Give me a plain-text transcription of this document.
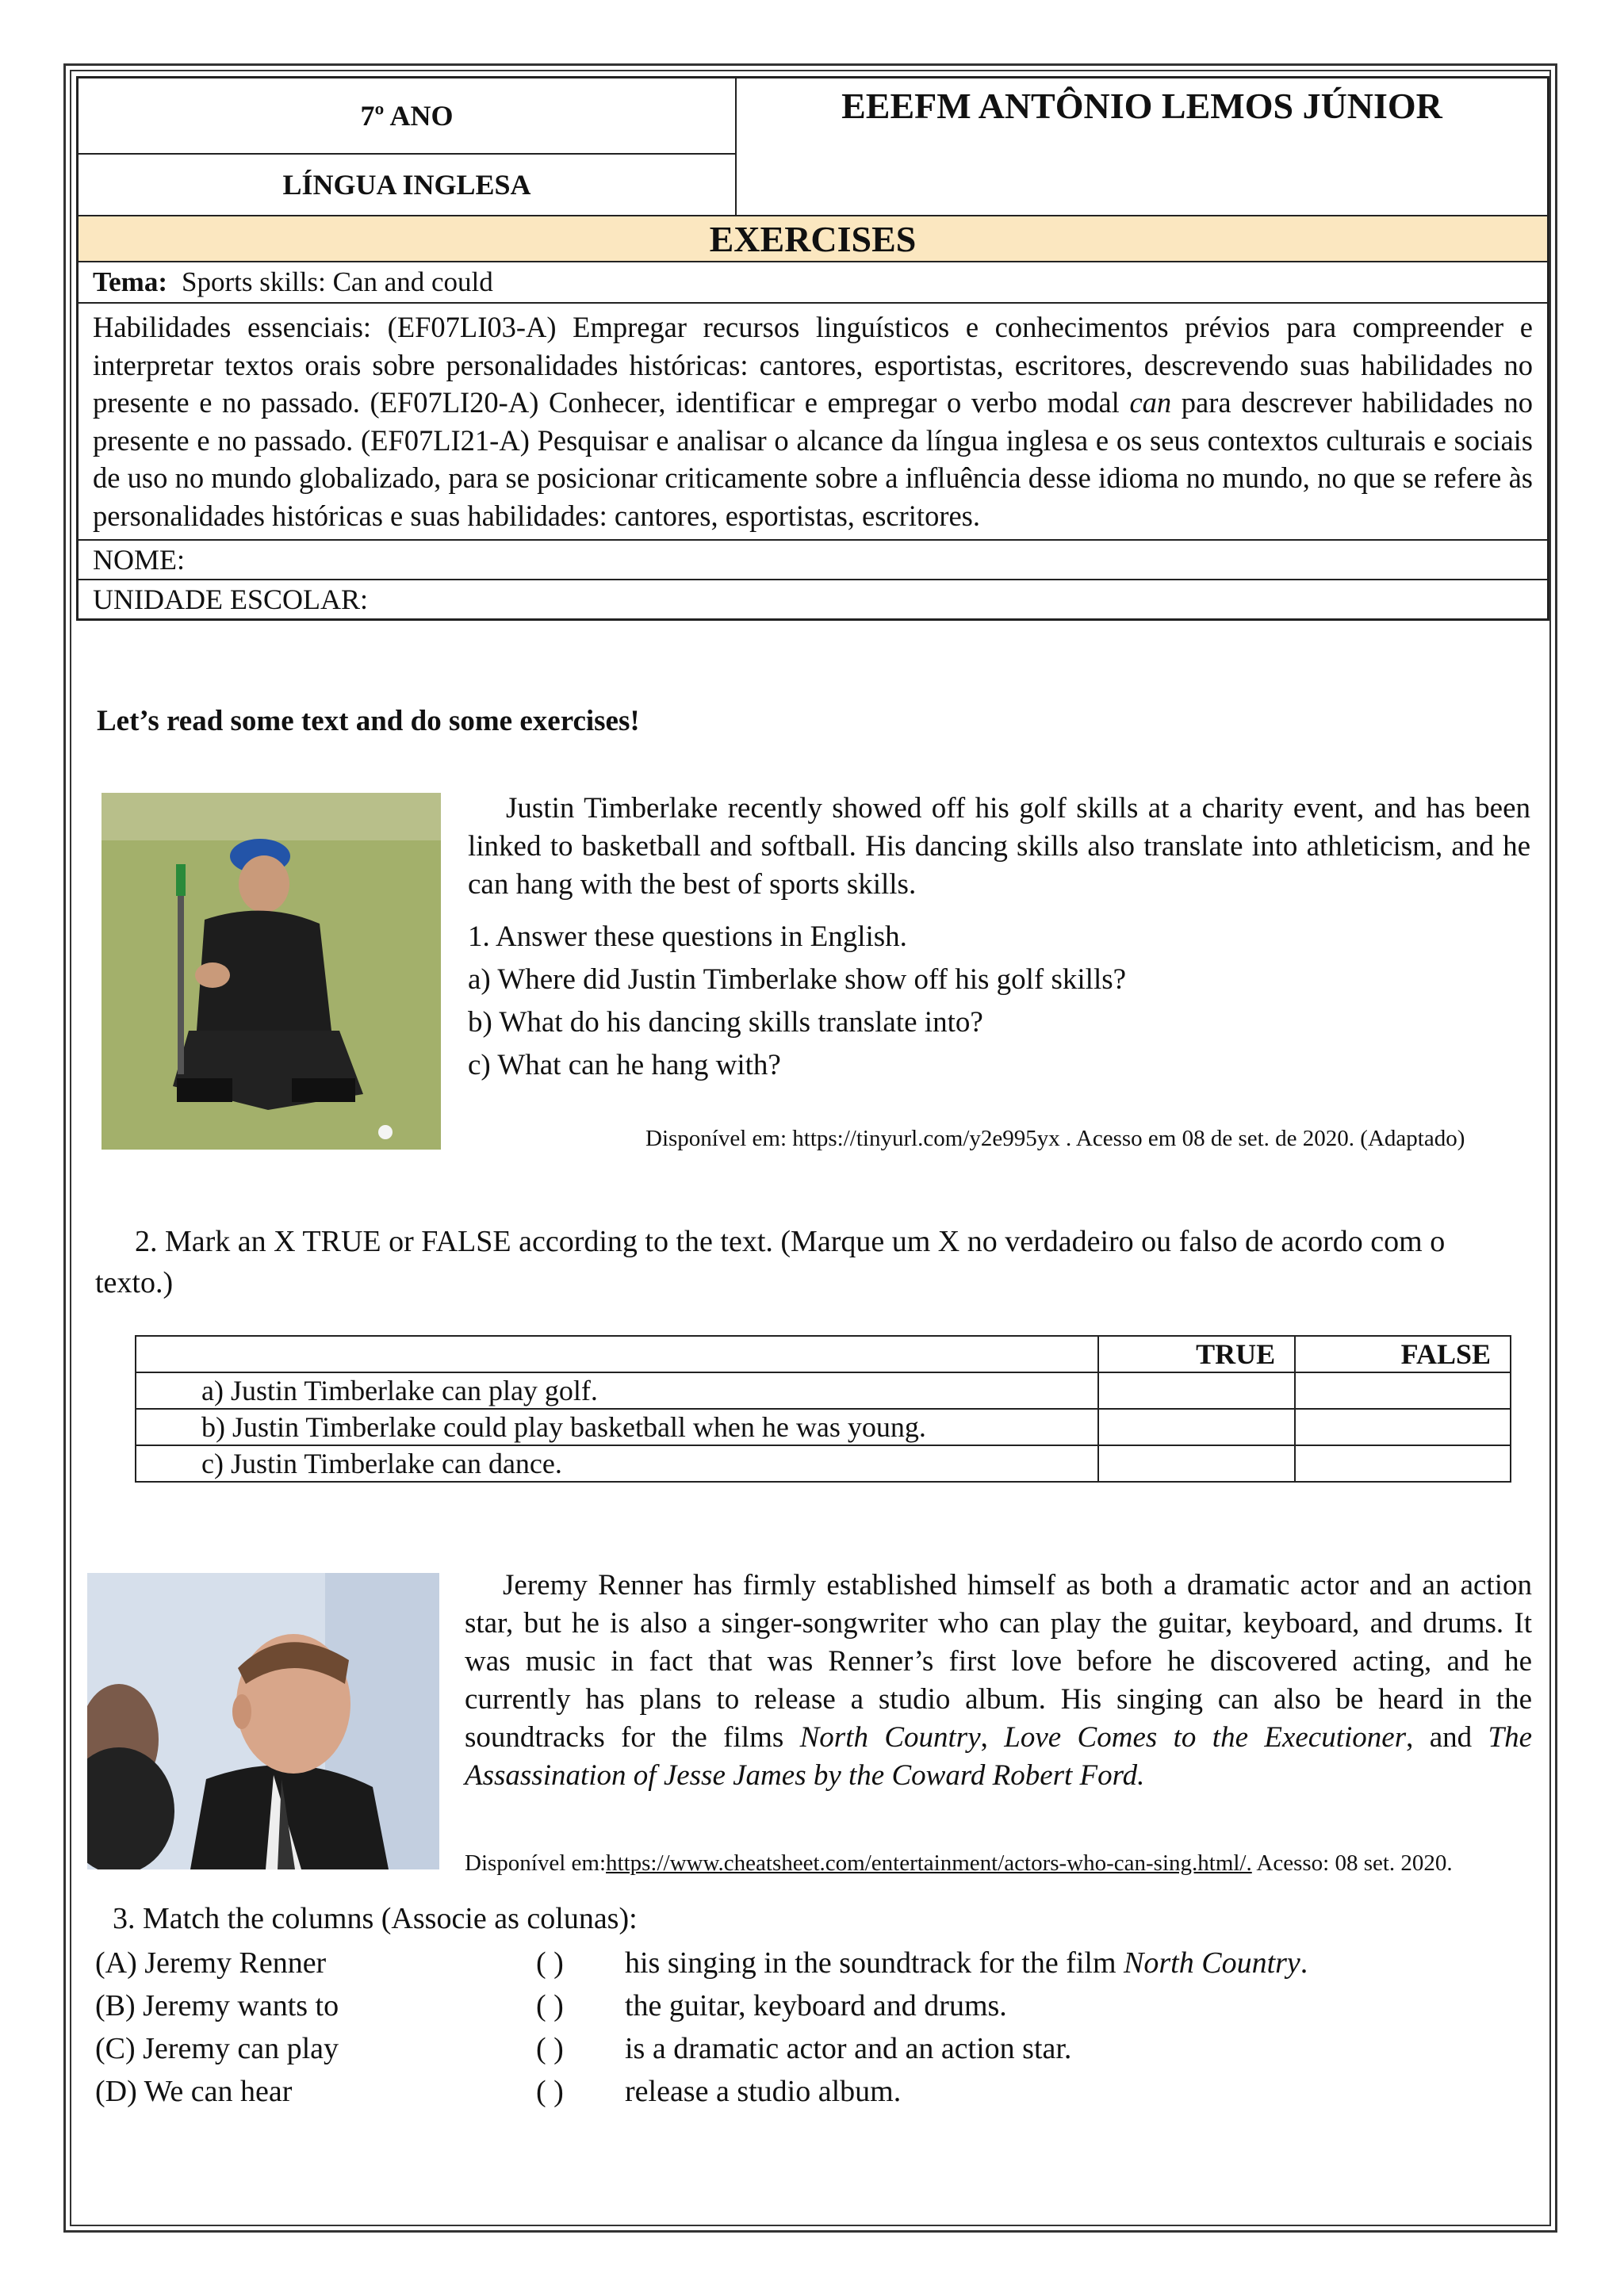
7º ANO
LÍNGUA INGLESA
EEEFM ANTÔNIO LEMOS JÚNIOR
EXERCISES
Tema: Sports skills: Can and could
Habilidades essenciais: (EF07LI03-A) Empregar recursos linguísticos e conhecimentos prévios para compreender e interpretar textos orais sobre personalidades históricas: cantores, esportistas, escritores, descrevendo suas habilidades no presente e no passado. (EF07LI20-A) Conhecer, identificar e empregar o verbo modal can para descrever habilidades no presente e no passado. (EF07LI21-A) Pesquisar e analisar o alcance da língua inglesa e os seus contextos culturais e sociais de uso no mundo globalizado, para se posicionar criticamente sobre a influência desse idioma no mundo, no que se refere às personalidades históricas e suas habilidades: cantores, esportistas, escritores.
NOME:
UNIDADE ESCOLAR:
Let’s read some text and do some exercises!
Justin Timberlake recently showed off his golf skills at a charity event, and has been linked to basketball and softball. His dancing skills also translate into athleticism, and he can hang with the best of sports skills.
1. Answer these questions in English.
a) Where did Justin Timberlake show off his golf skills?
b) What do his dancing skills translate into?
c) What can he hang with?
Disponível em: https://tinyurl.com/y2e995yx . Acesso em 08 de set. de 2020. (Adaptado)
2. Mark an X TRUE or FALSE according to the text. (Marque um X no verdadeiro ou falso de acordo com o texto.)
	TRUE	FALSE
a) Justin Timberlake can play golf.		
b) Justin Timberlake could play basketball when he was young.		
c) Justin Timberlake can dance.		
Jeremy Renner has firmly established himself as both a dramatic actor and an action star, but he is also a singer-songwriter who can play the guitar, keyboard, and drums. It was music in fact that was Renner’s first love before he discovered acting, and he currently has plans to release a studio album. His singing can also be heard in the soundtracks for the films North Country, Love Comes to the Executioner, and The Assassination of Jesse James by the Coward Robert Ford.
Disponível em:https://www.cheatsheet.com/entertainment/actors-who-can-sing.html/. Acesso: 08 set. 2020.
3. Match the columns (Associe as colunas):
(A) Jeremy Renner	( ) his singing in the soundtrack for the film North Country.
(B) Jeremy wants to	( ) the guitar, keyboard and drums.
(C) Jeremy can play	( ) is a dramatic actor and an action star.
(D) We can hear	( ) release a studio album.
